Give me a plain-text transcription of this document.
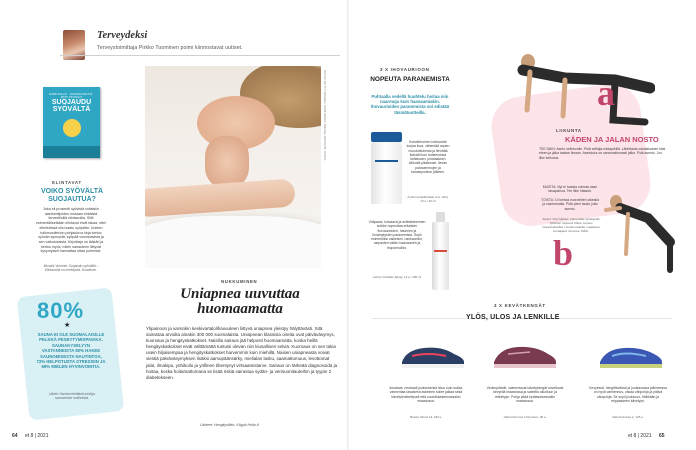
Terveydeksi
Terveystoimittaja Pirkko Tuominen poimi kiinnostavat uutiset.
ROBIN KALLIO · JOHANNA PETÄJÄ · MATTI VIITASALO
SUOJAUDU SYÖVÄLTÄ
ELINTAVAT
VOIKO SYÖVÄLTÄ SUOJAUTUA?
Joka eli prosentti syövistä voitaisiin aiantumtijoiden mukaan ehkäistä terveellisillä elintavoilla. Siltii esimerkillisetkään elintavat eivät takaa, ettei elimistössä olisi saatu syöpään. Uuteen tutkimustietoon pohjautuva kirja kertoo syövän synnystä, syöpää voimistavista ja sen vaikutuksista. Kirjoittaja on lääkäri ja kertoo myös, miten sairauteen liittyvät kysymykset kannattaa ottaa puheeksi.
Mosaiik Vuorinto: Suojaudu syöväiltä – Elintavoilla on merkitystä. Duodecim.
80%
★
SAUNA EI OLE SUOMALAISILLE PELKKÄ PESEYTYMISPAIKKA. SAUNAKYSELYYN VASTANNEISTA 80% HAKEE SAUNOMISESTA NAUTINTOA, 72% HELPOTUSTA STRESSIIN JA 69% MIELEN HYVINVOINTIA.
Lähde: Harvian teettämä selvitys saunomisen motiiveista.
KUVAT: GETTY IMAGES, SAMI KERO / MIKAEL WASSLIN, OTAVA
NUKKUMINEN
Uniapnea uuvuttaa huomaamatta
Ylipainoon ja varsinkin keskivartalolihavuuteen liittyvä uniapnea yleistyy hälyttävästi. Sitä sairastaa arviolta ainakin 300 000 suomalaista. Uniapnean klassisia oireita ovat päiväväsymys, kuorsaus ja hengityskatkokset. Naisilla sairaus jää helposti huomaamatta, koska heillä hengityskatkokset eivät välttämättä tuntuisi olevan niin kiusallisen selviä. Kuorsaus on sen takia usein hiljaisempaa ja hengityskatkokset harvemmin kuin miehillä. Naisen uniapneasta voivat viestiä päiväväsymyksen lisäksi aamupäänsärky, mielialan lasku, saamattomuus, levottomat jalat, ilmakipu, yöhikoilu ja yöllinen tihentynyt virtsaamistarve. Sairaus on tärkeää diagnosoida ja hoitaa, koska hoitamattomana se lisää riskiä sairastua sydän- ja verisuonitauteihin ja tyypin 2 diabetekseen.
Lähteet: Hengitysliitto, Käypä Hoito-fi
64 et 8 | 2021	et 8 | 2021 65
3 X IHOVAURIOON
NOPEUTA PARANEMISTA
Puhtaalla vedellä huuhtelu hoitaa niin naarmuja kuin haavaumiakin. Ihovaurioiden paranemista voi edistää täsmätuotteilla.
Kolmitehoinen hoitovoide korjaa ihoa, vähentää arpien muodostumista ja lievittää ikävää ihon tuntemuksia kellaisuen, poistaaksen kiiltoniä pikaleesie, lievän palovammojen ja karvanpoiston jälkeen.
A-Derma Epitheliale A.H. Ultra, 15 e / 40 ml
Voitjaava, kuivaava ja antibakteerinen suihke nopeuttaa erilaisten ihovaurioiden, haumien ja ihoärsytysten paranemista. Sopii esimerkiksi vaikeisiin, hankaumiin, varpaiden välien haavaumiin ja ihopoimuihin.
Avéne Cicalfate Spray, 13 e / 100 ml
a
LIIKUNTA
KÄDEN JA JALAN NOSTO
TEE NÄIN: Asetu nelinkontin. Pidä selkäja niskapiirillä. Lähtötasta vastakkainen käsi eteen ja jalka taakse ilmaan. Aseeduks on sanomattomasti jalka. Pidä asento. Jos liike keikutus.
MUISTA: Nyt ei haasta voimaa vaan tasapainoa. Tee liike hitaasti.
TOISTA: 10 kertaa vuorotellen oikealla ja vasemmalla. Pidä pieni tauko jotta asento.
Tekstit: Virpi Mattan; valmentaja Jyväskylän Tykkinen osapooli Oliiva, kuvaus Vesannekselles / kuvaa Uudella / vaaleissa kuvaajana: Anumee Tolkki.
b
3 X KEVÄTKENGÄT
YLÖS, ULOS JA LENKILLE
Joustava, neutraali juoksukenkä istuu kuin sukka, vaimentaa tasaisesti askeleen tukee jalkaa sekä kävelylenkkeilyssä että vuoridkkaammassakin maastossa.
Brooks Ghost 13, 160 e.
Vedenpitävät, vaimentavat kävelykengät soveltuvat kevyellä maastossa ja sateella ulkoiluun ja retkeilyyn. Pohja pitää epätasaisessakin maastossa.
Haltri Faro low 2 Drymaxx, 90 e.
Kevyessä, hengittävässä ja joustavassa jalkineessa on hyvä vaimennus, vakaa vähpohja ja pitävä ulkopohja. Se sopii juoksuun, hölkkään ja reippaaseen kävelyyn.
Merrell Antora 2, 125 e.
